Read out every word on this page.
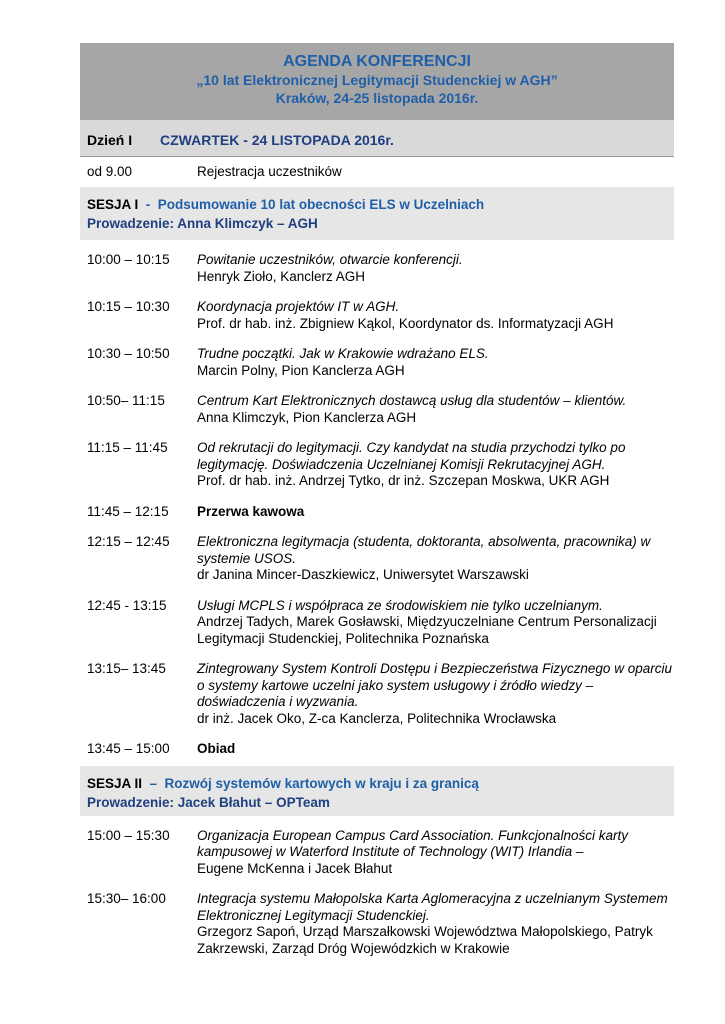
AGENDA KONFERENCJI
„10 lat Elektronicznej Legitymacji Studenckiej w AGH”
Kraków, 24-25 listopada 2016r.
Dzień I CZWARTEK - 24 LISTOPADA 2016r.
od 9.00	Rejestracja uczestników
SESJA I  -  Podsumowanie 10 lat obecności ELS w Uczelniach
Prowadzenie: Anna Klimczyk – AGH
10:00 – 10:15 Powitanie uczestników, otwarcie konferencji.
Henryk Zioło, Kanclerz AGH
10:15 – 10:30 Koordynacja projektów IT w AGH.
Prof. dr hab. inż. Zbigniew Kąkol, Koordynator ds. Informatyzacji AGH
10:30 – 10:50 Trudne początki. Jak w Krakowie wdrażano ELS.
Marcin Polny, Pion Kanclerza AGH
10:50– 11:15 Centrum Kart Elektronicznych dostawcą usług dla studentów – klientów.
Anna Klimczyk, Pion Kanclerza AGH
11:15 – 11:45 Od rekrutacji do legitymacji. Czy kandydat na studia przychodzi tylko po legitymację. Doświadczenia Uczelnianej Komisji Rekrutacyjnej AGH.
Prof. dr hab. inż. Andrzej Tytko, dr inż. Szczepan Moskwa, UKR AGH
11:45 – 12:15 Przerwa kawowa
12:15 – 12:45 Elektroniczna legitymacja (studenta, doktoranta, absolwenta, pracownika) w systemie USOS.
dr Janina Mincer-Daszkiewicz, Uniwersytet Warszawski
12:45 - 13:15 Usługi MCPLS i współpraca ze środowiskiem nie tylko uczelnianym.
Andrzej Tadych, Marek Gosławski, Międzyuczelniane Centrum Personalizacji Legitymacji Studenckiej, Politechnika Poznańska
13:15– 13:45 Zintegrowany System Kontroli Dostępu i Bezpieczeństwa Fizycznego w oparciu o systemy kartowe uczelni jako system usługowy i źródło wiedzy – doświadczenia i wyzwania.
dr inż. Jacek Oko, Z-ca Kanclerza, Politechnika Wrocławska
13:45 – 15:00 Obiad
SESJA II  –  Rozwój systemów kartowych w kraju i za granicą
Prowadzenie: Jacek Błahut – OPTeam
15:00 – 15:30 Organizacja European Campus Card Association. Funkcjonalności karty kampusowej w Waterford Institute of Technology (WIT) Irlandia –
Eugene McKenna i Jacek Błahut
15:30– 16:00 Integracja systemu Małopolska Karta Aglomeracyjna z uczelnianym Systemem Elektronicznej Legitymacji Studenckiej.
Grzegorz Sapoń, Urząd Marszałkowski Województwa Małopolskiego, Patryk Zakrzewski, Zarząd Dróg Wojewódzkich w Krakowie
